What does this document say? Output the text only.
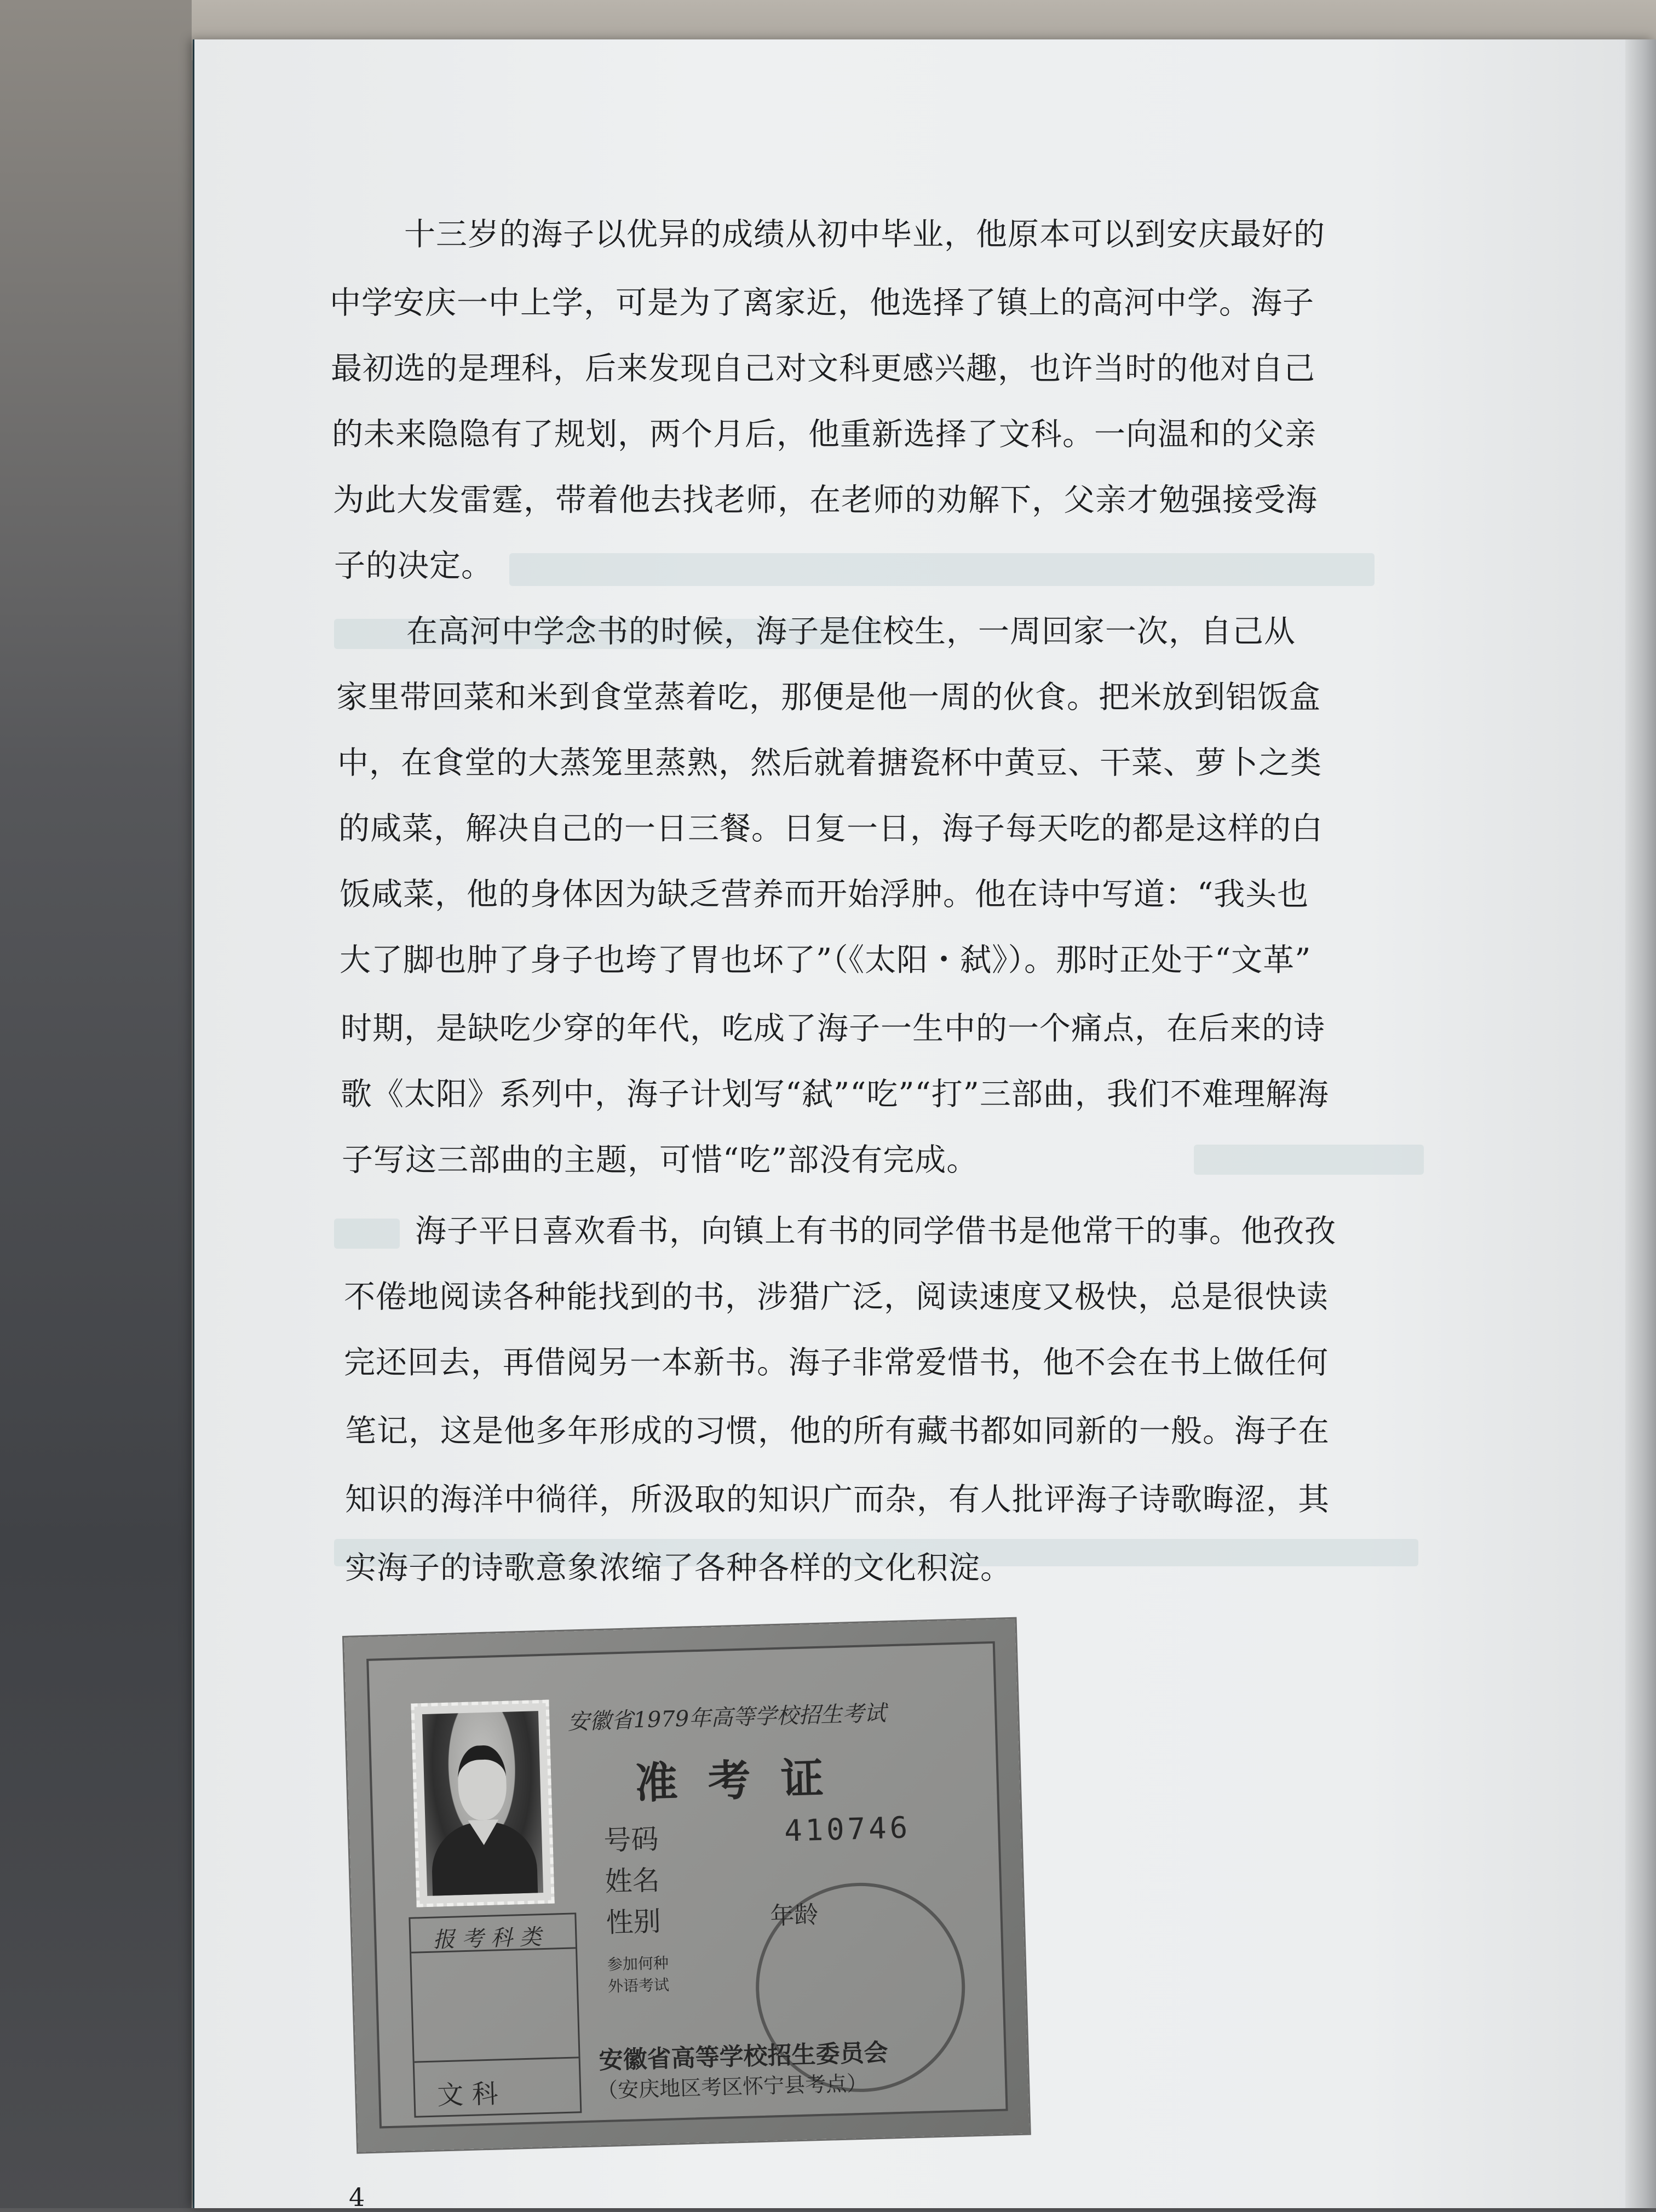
十三岁的海子以优异的成绩从初中毕业，他原本可以到安庆最好的
中学安庆一中上学，可是为了离家近，他选择了镇上的高河中学。海子
最初选的是理科，后来发现自己对文科更感兴趣，也许当时的他对自己
的未来隐隐有了规划，两个月后，他重新选择了文科。一向温和的父亲
为此大发雷霆，带着他去找老师，在老师的劝解下，父亲才勉强接受海
子的决定。
在高河中学念书的时候，海子是住校生，一周回家一次，自己从
家里带回菜和米到食堂蒸着吃，那便是他一周的伙食。把米放到铝饭盒
中，在食堂的大蒸笼里蒸熟，然后就着搪瓷杯中黄豆、干菜、萝卜之类
的咸菜，解决自己的一日三餐。日复一日，海子每天吃的都是这样的白
饭咸菜，他的身体因为缺乏营养而开始浮肿。他在诗中写道：“我头也
大了脚也肿了身子也垮了胃也坏了”（《太阳・弑》）。那时正处于“文革”
时期，是缺吃少穿的年代，吃成了海子一生中的一个痛点，在后来的诗
歌《太阳》系列中，海子计划写“弑”“吃”“打”三部曲，我们不难理解海
子写这三部曲的主题，可惜“吃”部没有完成。
海子平日喜欢看书，向镇上有书的同学借书是他常干的事。他孜孜
不倦地阅读各种能找到的书，涉猎广泛，阅读速度又极快，总是很快读
完还回去，再借阅另一本新书。海子非常爱惜书，他不会在书上做任何
笔记，这是他多年形成的习惯，他的所有藏书都如同新的一般。海子在
知识的海洋中徜徉，所汲取的知识广而杂，有人批评海子诗歌晦涩，其
实海子的诗歌意象浓缩了各种各样的文化积淀。
安徽省1979年高等学校招生考试
准 考 证
号码	410746
姓名
性别	年龄
参加何种
外语考试
报 考 科 类
文 科
安徽省高等学校招生委员会
（安庆地区考区怀宁县考点）
4
